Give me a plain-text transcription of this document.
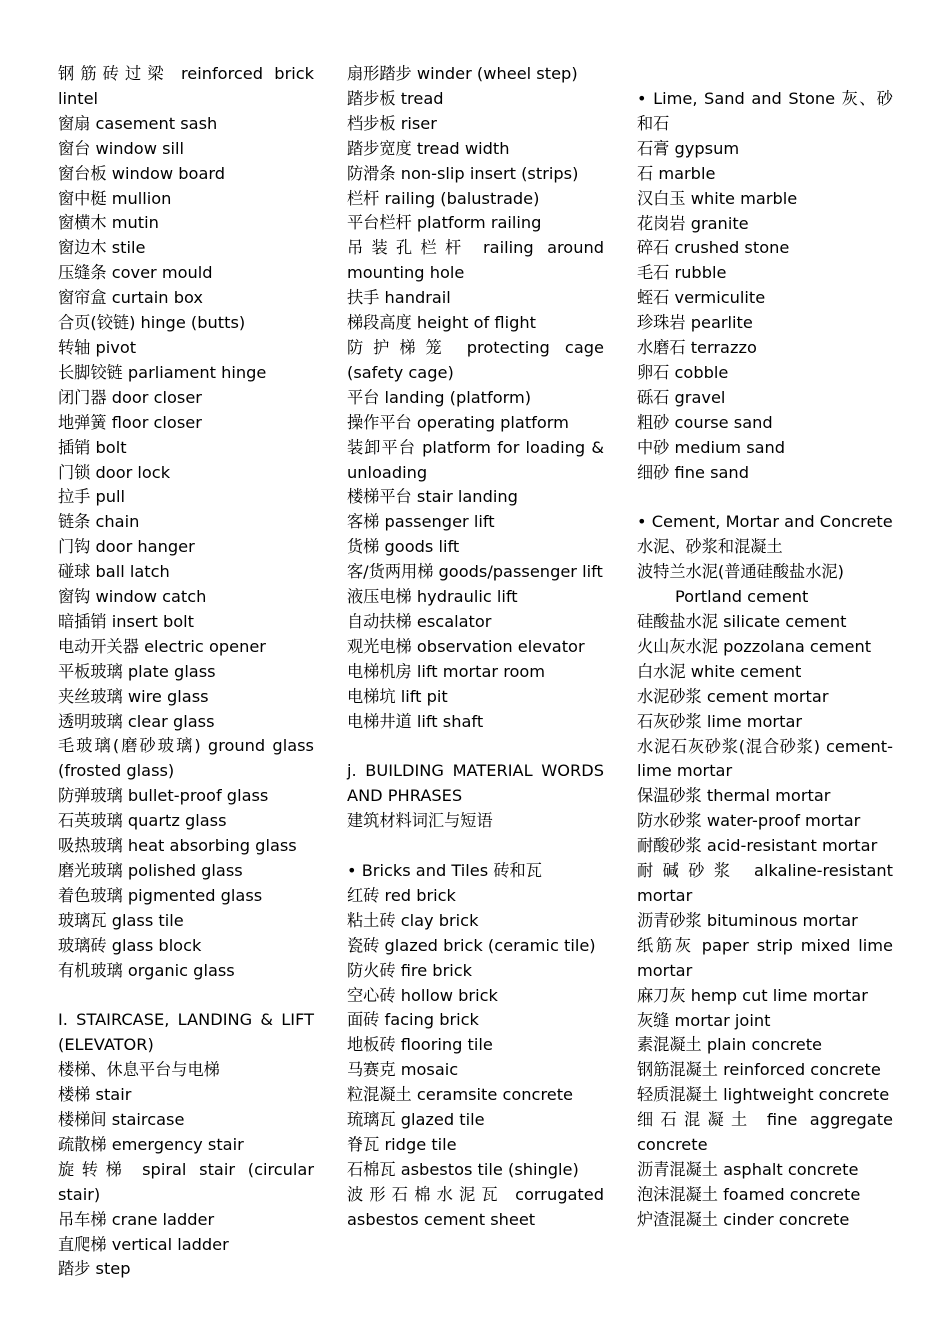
钢筋砖过梁 reinforced brick lintel
窗扇 casement sash
窗台 window sill
窗台板 window board
窗中梃 mullion
窗横木 mutin
窗边木 stile
压缝条 cover mould
窗帘盒 curtain box
合页(铰链) hinge (butts)
转轴 pivot
长脚铰链 parliament hinge
闭门器 door closer
地弹簧 floor closer
插销 bolt
门锁 door lock
拉手 pull
链条 chain
门钩 door hanger
碰球 ball latch
窗钩 window catch
暗插销 insert bolt
电动开关器 electric opener
平板玻璃 plate glass
夹丝玻璃 wire glass
透明玻璃 clear glass
毛玻璃(磨砂玻璃) ground glass (frosted glass)
防弹玻璃 bullet-proof glass
石英玻璃 quartz glass
吸热玻璃 heat absorbing glass
磨光玻璃 polished glass
着色玻璃 pigmented glass
玻璃瓦 glass tile
玻璃砖 glass block
有机玻璃 organic glass
I. STAIRCASE, LANDING & LIFT (ELEVATOR)
楼梯、休息平台与电梯
楼梯 stair
楼梯间 staircase
疏散梯 emergency stair
旋转梯 spiral stair (circular stair)
吊车梯 crane ladder
直爬梯 vertical ladder
踏步 step
扇形踏步 winder (wheel step)
踏步板 tread
档步板 riser
踏步宽度 tread width
防滑条 non-slip insert (strips)
栏杆 railing (balustrade)
平台栏杆 platform railing
吊装孔栏杆 railing around mounting hole
扶手 handrail
梯段高度 height of flight
防护梯笼 protecting cage (safety cage)
平台 landing (platform)
操作平台 operating platform
装卸平台 platform for loading & unloading
楼梯平台 stair landing
客梯 passenger lift
货梯 goods lift
客/货两用梯 goods/passenger lift
液压电梯 hydraulic lift
自动扶梯 escalator
观光电梯 observation elevator
电梯机房 lift mortar room
电梯坑 lift pit
电梯井道 lift shaft
j. BUILDING MATERIAL WORDS AND PHRASES
建筑材料词汇与短语
• Bricks and Tiles 砖和瓦
红砖 red brick
粘土砖 clay brick
瓷砖 glazed brick (ceramic tile)
防火砖 fire brick
空心砖 hollow brick
面砖 facing brick
地板砖 flooring tile
马赛克 mosaic
粒混凝土 ceramsite concrete
琉璃瓦 glazed tile
脊瓦 ridge tile
石棉瓦 asbestos tile (shingle)
波形石棉水泥瓦 corrugated asbestos cement sheet
• Lime, Sand and Stone 灰、砂和石
石膏 gypsum
石 marble
汉白玉 white marble
花岗岩 granite
碎石 crushed stone
毛石 rubble
蛭石 vermiculite
珍珠岩 pearlite
水磨石 terrazzo
卵石 cobble
砾石 gravel
粗砂 course sand
中砂 medium sand
细砂 fine sand
• Cement, Mortar and Concrete
水泥、砂浆和混凝土
波特兰水泥(普通硅酸盐水泥)
Portland cement
硅酸盐水泥 silicate cement
火山灰水泥 pozzolana cement
白水泥 white cement
水泥砂浆 cement mortar
石灰砂浆 lime mortar
水泥石灰砂浆(混合砂浆) cement-lime mortar
保温砂浆 thermal mortar
防水砂浆 water-proof mortar
耐酸砂浆 acid-resistant mortar
耐碱砂浆 alkaline-resistant mortar
沥青砂浆 bituminous mortar
纸筋灰 paper strip mixed lime mortar
麻刀灰 hemp cut lime mortar
灰缝 mortar joint
素混凝土 plain concrete
钢筋混凝土 reinforced concrete
轻质混凝土 lightweight concrete
细石混凝土 fine aggregate concrete
沥青混凝土 asphalt concrete
泡沫混凝土 foamed concrete
炉渣混凝土 cinder concrete
